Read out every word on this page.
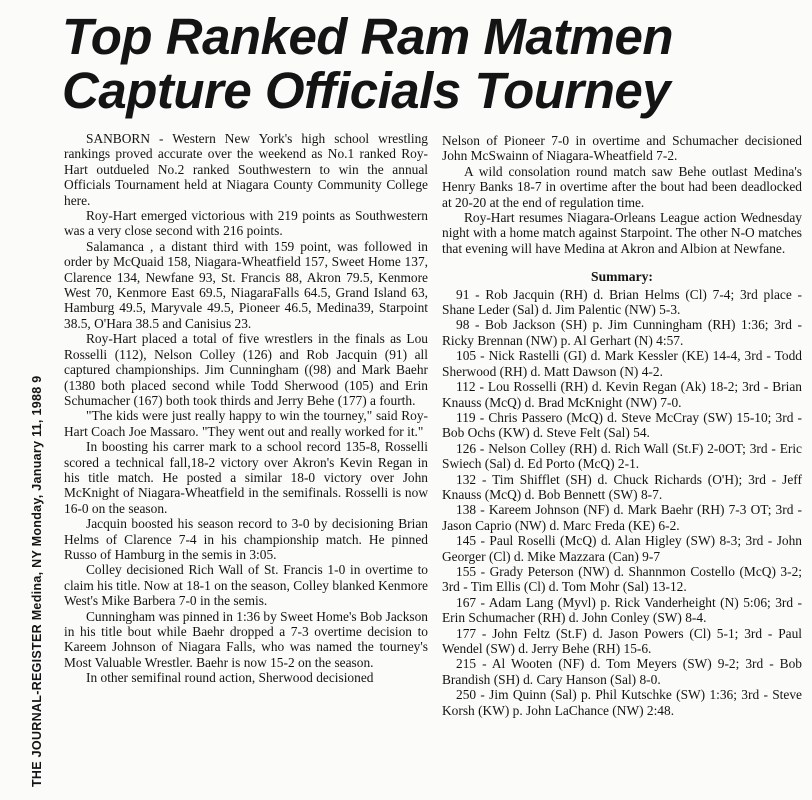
THE JOURNAL-REGISTER Medina, NY Monday, January 11, 1988 9
Top Ranked Ram Matmen
Capture Officials Tourney

SANBORN - Western New York's high school wrestling rankings proved accurate over the weekend as No.1 ranked Roy-Hart outdueled No.2 ranked Southwestern to win the annual Officials Tournament held at Niagara County Community College here.

Roy-Hart emerged victorious with 219 points as Southwestern was a very close second with 216 points.

Salamanca , a distant third with 159 point, was followed in order by McQuaid 158, Niagara-Wheatfield 157, Sweet Home 137, Clarence 134, Newfane 93, St. Francis 88, Akron 79.5, Kenmore West 70, Kenmore East 69.5, NiagaraFalls 64.5, Grand Island 63, Hamburg 49.5, Maryvale 49.5, Pioneer 46.5, Medina39, Starpoint 38.5, O'Hara 38.5 and Canisius 23.

Roy-Hart placed a total of five wrestlers in the finals as Lou Rosselli (112), Nelson Colley (126) and Rob Jacquin (91) all captured championships. Jim Cunningham ((98) and Mark Baehr (1380 both placed second while Todd Sherwood (105) and Erin Schumacher (167) both took thirds and Jerry Behe (177) a fourth.

"The kids were just really happy to win the tourney," said Roy-Hart Coach Joe Massaro. "They went out and really worked for it."

In boosting his carrer mark to a school record 135-8, Rosselli scored a technical fall,18-2 victory over Akron's Kevin Regan in his title match. He posted a similar 18-0 victory over John McKnight of Niagara-Wheatfield in the semifinals. Rosselli is now 16-0 on the season.

Jacquin boosted his season record to 3-0 by decisioning Brian Helms of Clarence 7-4 in his championship match. He pinned Russo of Hamburg in the semis in 3:05.

Colley decisioned Rich Wall of St. Francis 1-0 in overtime to claim his title. Now at 18-1 on the season, Colley blanked Kenmore West's Mike Barbera 7-0 in the semis.

Cunningham was pinned in 1:36 by Sweet Home's Bob Jackson in his title bout while Baehr dropped a 7-3 overtime decision to Kareem Johnson of Niagara Falls, who was named the tourney's Most Valuable Wrestler. Baehr is now 15-2 on the season.

In other semifinal round action, Sherwood decisioned

Nelson of Pioneer 7-0 in overtime and Schumacher decisioned John McSwainn of Niagara-Wheatfield 7-2.

A wild consolation round match saw Behe outlast Medina's Henry Banks 18-7 in overtime after the bout had been deadlocked at 20-20 at the end of regulation time.

Roy-Hart resumes Niagara-Orleans League action Wednesday night with a home match against Starpoint. The other N-O matches that evening will have Medina at Akron and Albion at Newfane.

Summary:

91 - Rob Jacquin (RH) d. Brian Helms (Cl) 7-4; 3rd place - Shane Leder (Sal) d. Jim Palentic (NW) 5-3.

98 - Bob Jackson (SH) p. Jim Cunningham (RH) 1:36; 3rd - Ricky Brennan (NW) p. Al Gerhart (N) 4:57.

105 - Nick Rastelli (GI) d. Mark Kessler (KE) 14-4, 3rd - Todd Sherwood (RH) d. Matt Dawson (N) 4-2.

112 - Lou Rosselli (RH) d. Kevin Regan (Ak) 18-2; 3rd - Brian Knauss (McQ) d. Brad McKnight (NW) 7-0.

119 - Chris Passero (McQ) d. Steve McCray (SW) 15-10; 3rd - Bob Ochs (KW) d. Steve Felt (Sal) 54.

126 - Nelson Colley (RH) d. Rich Wall (St.F) 2-0OT; 3rd - Eric Swiech (Sal) d. Ed Porto (McQ) 2-1.

132 - Tim Shifflet (SH) d. Chuck Richards (O'H); 3rd - Jeff Knauss (McQ) d. Bob Bennett (SW) 8-7.

138 - Kareem Johnson (NF) d. Mark Baehr (RH) 7-3 OT; 3rd - Jason Caprio (NW) d. Marc Freda (KE) 6-2.

145 - Paul Roselli (McQ) d. Alan Higley (SW) 8-3; 3rd - John Georger (Cl) d. Mike Mazzara (Can) 9-7

155 - Grady Peterson (NW) d. Shannmon Costello (McQ) 3-2; 3rd - Tim Ellis (Cl) d. Tom Mohr (Sal) 13-12.

167 - Adam Lang (Myvl) p. Rick Vanderheight (N) 5:06; 3rd - Erin Schumacher (RH) d. John Conley (SW) 8-4.

177 - John Feltz (St.F) d. Jason Powers (Cl) 5-1; 3rd - Paul Wendel (SW) d. Jerry Behe (RH) 15-6.

215 - Al Wooten (NF) d. Tom Meyers (SW) 9-2; 3rd - Bob Brandish (SH) d. Cary Hanson (Sal) 8-0.

250 - Jim Quinn (Sal) p. Phil Kutschke (SW) 1:36; 3rd - Steve Korsh (KW) p. John LaChance (NW) 2:48.
